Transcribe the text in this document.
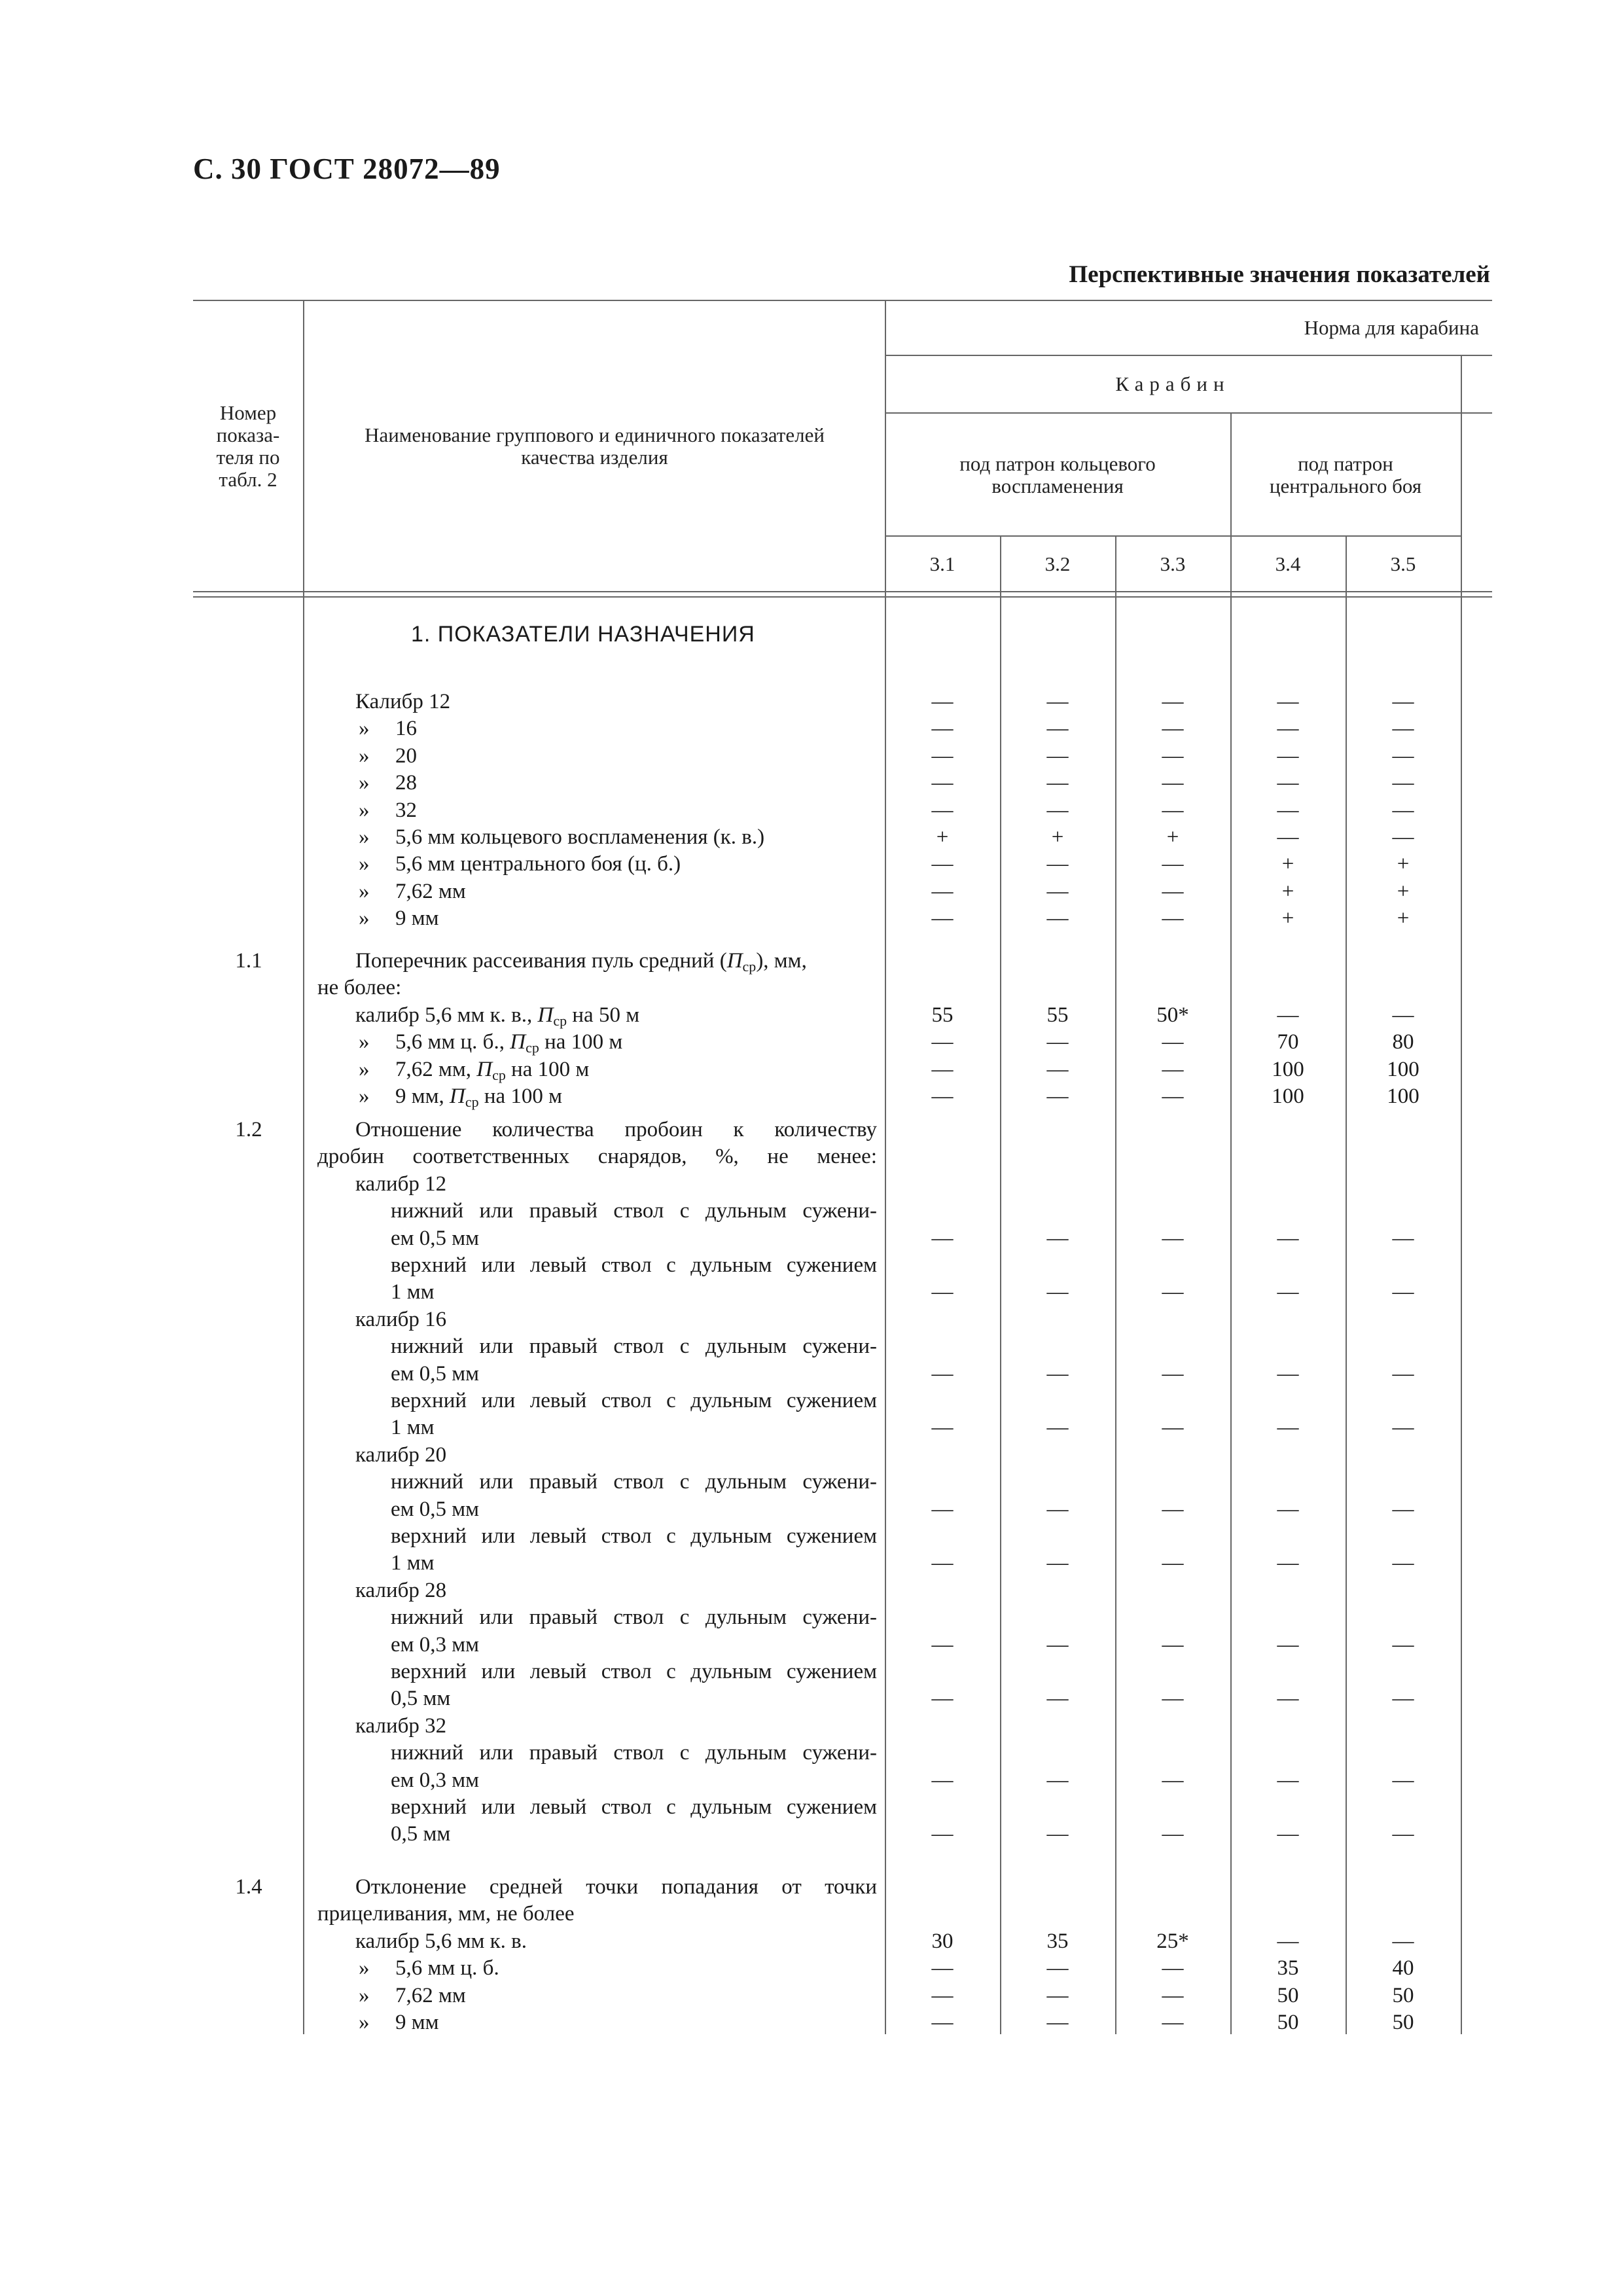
С. 30 ГОСТ 28072—89
Перспективные значения показателей
Номер
показа-
теля по
табл. 2
Наименование группового и единичного показателей
качества изделия
Норма для карабина
Карабин
под патрон кольцевого
воспламенения
под патрон
центрального боя
3.1	3.2	3.3	3.4	3.5
1. ПОКАЗАТЕЛИ НАЗНАЧЕНИЯ
Калибр 12	—	—	—	—	—
» 16	—	—	—	—	—
» 20	—	—	—	—	—
» 28	—	—	—	—	—
» 32	—	—	—	—	—
» 5,6 мм кольцевого воспламенения (к. в.)	+	+	+	—	—
» 5,6 мм центрального боя (ц. б.)	—	—	—	+	+
» 7,62 мм	—	—	—	+	+
» 9 мм	—	—	—	+	+
1.1	Поперечник рассеивания пуль средний $(П_{ср})$, мм,
не более:
калибр 5,6 мм к. в., $П_{ср}$ на 50 м	55	55	50*	—	—
» 5,6 мм ц. б., $П_{ср}$ на 100 м	—	—	—	70	80
» 7,62 мм, $П_{ср}$ на 100 м	—	—	—	100	100
» 9 мм, $П_{ср}$ на 100 м	—	—	—	100	100
1.2	Отношение количества пробоин к количеству
дробин соответственных снарядов, %, не менее:
калибр 12
нижний или правый ствол с дульным сужени-
ем 0,5 мм	—	—	—	—	—
верхний или левый ствол с дульным сужением
1 мм	—	—	—	—	—
калибр 16
нижний или правый ствол с дульным сужени-
ем 0,5 мм	—	—	—	—	—
верхний или левый ствол с дульным сужением
1 мм	—	—	—	—	—
калибр 20
нижний или правый ствол с дульным сужени-
ем 0,5 мм	—	—	—	—	—
верхний или левый ствол с дульным сужением
1 мм	—	—	—	—	—
калибр 28
нижний или правый ствол с дульным сужени-
ем 0,3 мм	—	—	—	—	—
верхний или левый ствол с дульным сужением
0,5 мм	—	—	—	—	—
калибр 32
нижний или правый ствол с дульным сужени-
ем 0,3 мм	—	—	—	—	—
верхний или левый ствол с дульным сужением
0,5 мм	—	—	—	—	—
1.4	Отклонение средней точки попадания от точки
прицеливания, мм, не более
калибр 5,6 мм к. в.	30	35	25*	—	—
» 5,6 мм ц. б.	—	—	—	35	40
» 7,62 мм	—	—	—	50	50
» 9 мм	—	—	—	50	50
